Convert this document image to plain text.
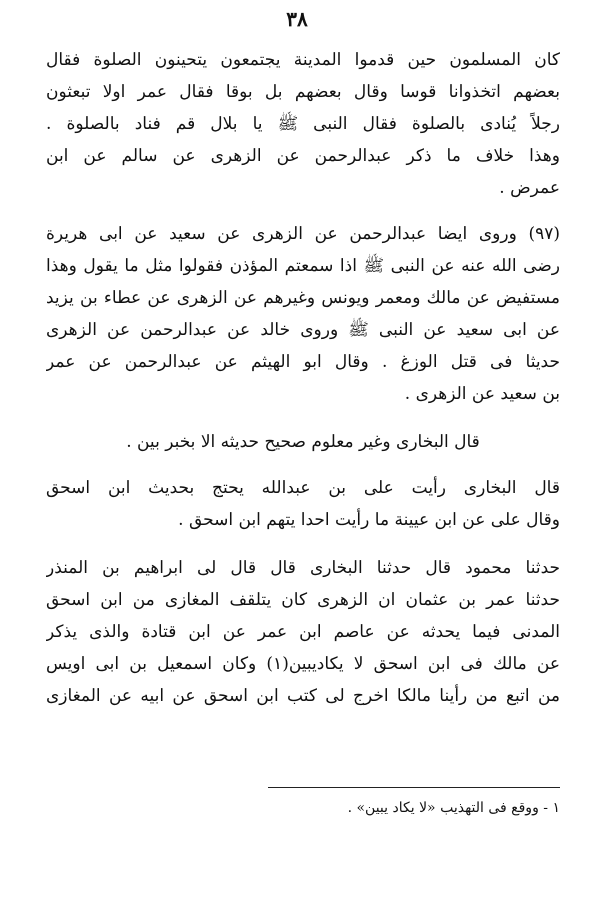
٣٨
كان المسلمون حين قدموا المدينة يجتمعون يتحينون الصلوة فقال
بعضهم اتخذوانا قوسا وقال بعضهم بل بوقا فقال عمر اولا تبعثون
رجلاً يُنادى بالصلوة فقال النبى ﷺ يا بلال قم فناد بالصلوة .
وهذا خلاف ما ذكر عبدالرحمن عن الزهرى عن سالم عن ابن
عمرض .
(٩٧) وروى ايضا عبدالرحمن عن الزهرى عن سعيد عن ابى هريرة
رضى الله عنه عن النبى ﷺ اذا سمعتم المؤذن فقولوا مثل ما يقول وهذا
مستفيض عن مالك ومعمر ويونس وغيرهم عن الزهرى عن عطاء بن يزيد
عن ابى سعيد عن النبى ﷺ وروى خالد عن عبدالرحمن عن الزهرى
حديثا فى قتل الوزغ . وقال ابو الهيثم عن عبدالرحمن عن عمر
بن سعيد عن الزهرى .
قال البخارى وغير معلوم صحيح حديثه الا بخبر بين .
قال البخارى رأيت على بن عبدالله يحتج بحديث ابن اسحق
وقال على عن ابن عيينة ما رأيت احدا يتهم ابن اسحق .
حدثنا محمود قال حدثنا البخارى قال قال لى ابراهيم بن المنذر
حدثنا عمر بن عثمان ان الزهرى كان يتلقف المغازى من ابن اسحق
المدنى فيما يحدثه عن عاصم ابن عمر عن ابن قتادة والذى يذكر
عن مالك فى ابن اسحق لا يكاديبين(١) وكان اسمعيل بن ابى اويس
من اتبع من رأينا مالكا اخرج لى كتب ابن اسحق عن ابيه عن المغازى
١ - ووقع فى التهذيب «لا يكاد يبين» .
